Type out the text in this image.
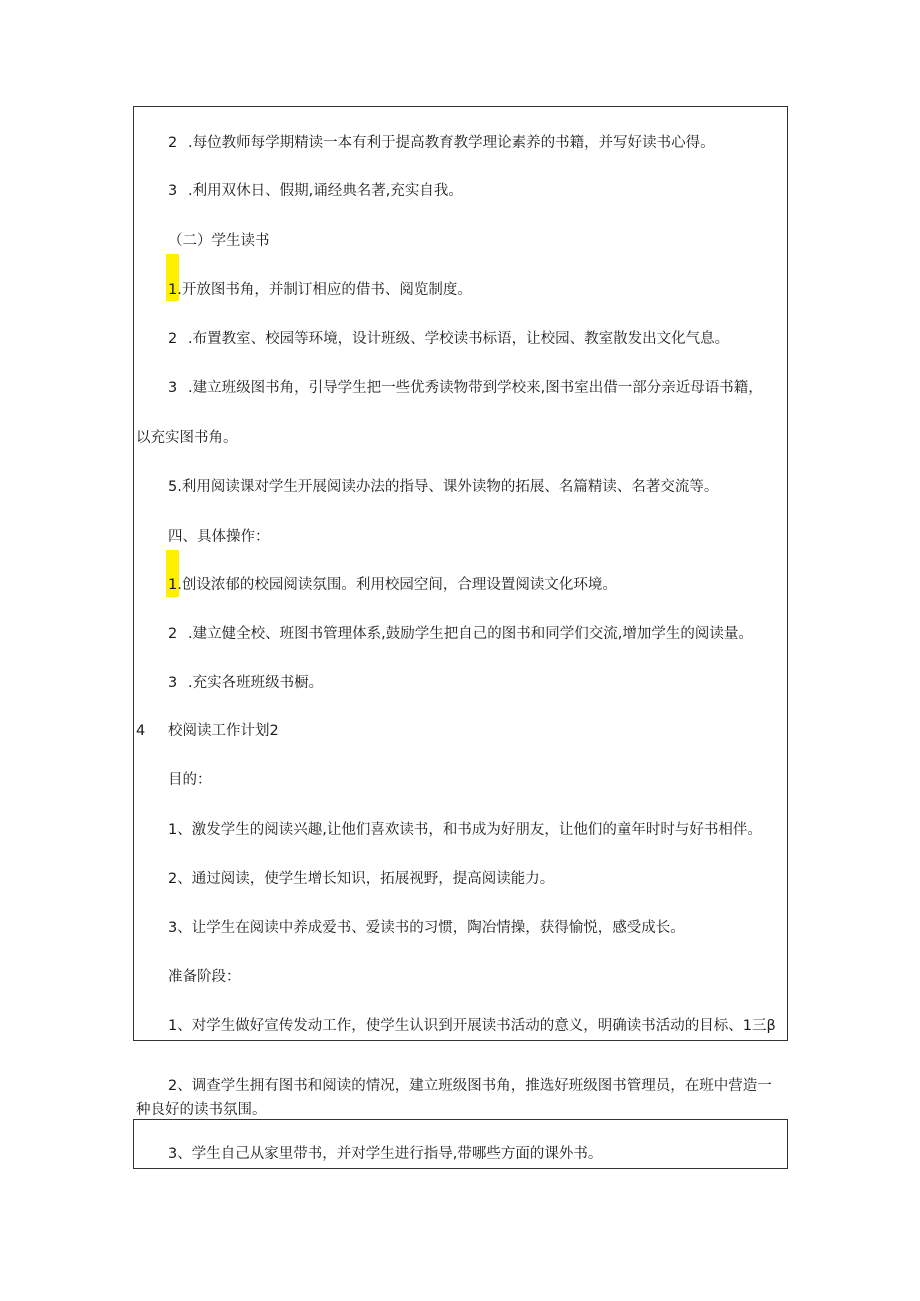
2 .每位教师每学期精读一本有利于提高教育教学理论素养的书籍，并写好读书心得。
3 .利用双休日、假期,诵经典名著,充实自我。
（二）学生读书
1.开放图书角，并制订相应的借书、阅览制度。
2 .布置教室、校园等环境，设计班级、学校读书标语，让校园、教室散发出文化气息。
3 .建立班级图书角，引导学生把一些优秀读物带到学校来,图书室出借一部分亲近母语书籍，
以充实图书角。
5.利用阅读课对学生开展阅读办法的指导、课外读物的拓展、名篇精读、名著交流等。
四、具体操作：
1.创设浓郁的校园阅读氛围。利用校园空间，合理设置阅读文化环境。
2 .建立健全校、班图书管理体系,鼓励学生把自己的图书和同学们交流,增加学生的阅读量。
3 .充实各班班级书橱。
4 校阅读工作计划2
目的：
1、激发学生的阅读兴趣,让他们喜欢读书，和书成为好朋友，让他们的童年时时与好书相伴。
2、通过阅读，使学生增长知识，拓展视野，提高阅读能力。
3、让学生在阅读中养成爱书、爱读书的习惯，陶冶情操，获得愉悦，感受成长。
准备阶段：
1、对学生做好宣传发动工作，使学生认识到开展读书活动的意义，明确读书活动的目标、1三β
2、调查学生拥有图书和阅读的情况，建立班级图书角，推选好班级图书管理员，在班中营造一
种良好的读书氛围。
3、学生自己从家里带书，并对学生进行指导,带哪些方面的课外书。
